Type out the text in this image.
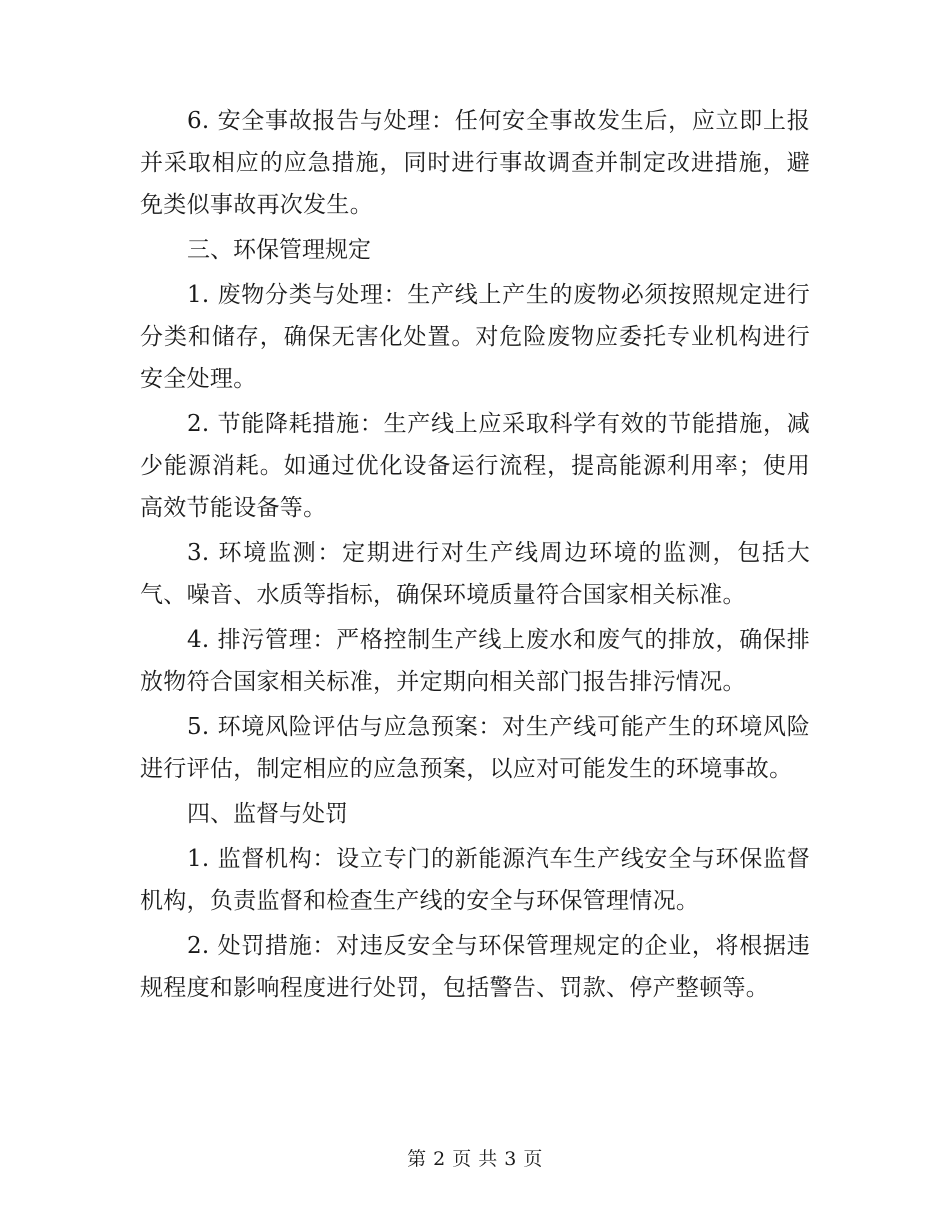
6. 安全事故报告与处理：任何安全事故发生后，应立即上报并采取相应的应急措施，同时进行事故调查并制定改进措施，避免类似事故再次发生。

三、环保管理规定

1. 废物分类与处理：生产线上产生的废物必须按照规定进行分类和储存，确保无害化处置。对危险废物应委托专业机构进行安全处理。

2. 节能降耗措施：生产线上应采取科学有效的节能措施，减少能源消耗。如通过优化设备运行流程，提高能源利用率；使用高效节能设备等。

3. 环境监测：定期进行对生产线周边环境的监测，包括大气、噪音、水质等指标，确保环境质量符合国家相关标准。

4. 排污管理：严格控制生产线上废水和废气的排放，确保排放物符合国家相关标准，并定期向相关部门报告排污情况。

5. 环境风险评估与应急预案：对生产线可能产生的环境风险进行评估，制定相应的应急预案，以应对可能发生的环境事故。

四、监督与处罚

1. 监督机构：设立专门的新能源汽车生产线安全与环保监督机构，负责监督和检查生产线的安全与环保管理情况。

2. 处罚措施：对违反安全与环保管理规定的企业，将根据违规程度和影响程度进行处罚，包括警告、罚款、停产整顿等。

第 2 页 共 3 页
